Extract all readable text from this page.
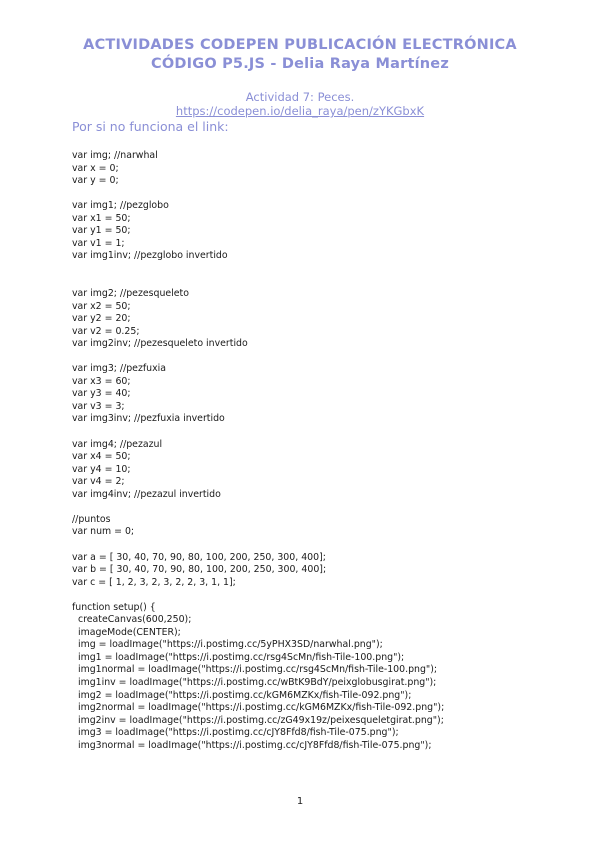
ACTIVIDADES CODEPEN PUBLICACIÓN ELECTRÓNICA
CÓDIGO P5.JS - Delia Raya Martínez
Actividad 7: Peces.
https://codepen.io/delia_raya/pen/zYKGbxK
Por si no funciona el link:
var img; //narwhal
var x = 0;
var y = 0;
var img1; //pezglobo
var x1 = 50;
var y1 = 50;
var v1 = 1;
var img1inv; //pezglobo invertido
var img2; //pezesqueleto
var x2 = 50;
var y2 = 20;
var v2 = 0.25;
var img2inv; //pezesqueleto invertido
var img3; //pezfuxia
var x3 = 60;
var y3 = 40;
var v3 = 3;
var img3inv; //pezfuxia invertido
var img4; //pezazul
var x4 = 50;
var y4 = 10;
var v4 = 2;
var img4inv; //pezazul invertido
//puntos
var num = 0;
var a = [ 30, 40, 70, 90, 80, 100, 200, 250, 300, 400];
var b = [ 30, 40, 70, 90, 80, 100, 200, 250, 300, 400];
var c = [ 1, 2, 3, 2, 3, 2, 2, 3, 1, 1];
function setup() {
createCanvas(600,250);
imageMode(CENTER);
img = loadImage("https://i.postimg.cc/5yPHX3SD/narwhal.png");
img1 = loadImage("https://i.postimg.cc/rsg4ScMn/fish-Tile-100.png");
img1normal = loadImage("https://i.postimg.cc/rsg4ScMn/fish-Tile-100.png");
img1inv = loadImage("https://i.postimg.cc/wBtK9BdY/peixglobusgirat.png");
img2 = loadImage("https://i.postimg.cc/kGM6MZKx/fish-Tile-092.png");
img2normal = loadImage("https://i.postimg.cc/kGM6MZKx/fish-Tile-092.png");
img2inv = loadImage("https://i.postimg.cc/zG49x19z/peixesqueletgirat.png");
img3 = loadImage("https://i.postimg.cc/cJY8Ffd8/fish-Tile-075.png");
img3normal = loadImage("https://i.postimg.cc/cJY8Ffd8/fish-Tile-075.png");
1
